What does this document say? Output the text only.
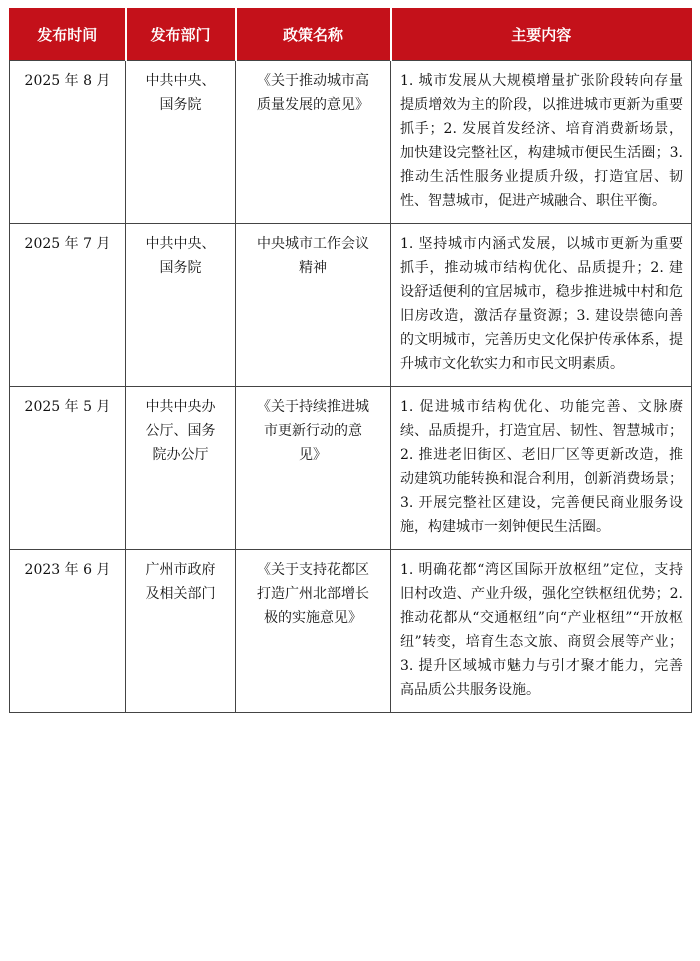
发布时间	发布部门	政策名称	主要内容
2025 年 8 月	中共中央、国务院	《关于推动城市高质量发展的意见》	1. 城市发展从大规模增量扩张阶段转向存量提质增效为主的阶段，以推进城市更新为重要抓手；2. 发展首发经济、培育消费新场景，加快建设完整社区，构建城市便民生活圈；3. 推动生活性服务业提质升级，打造宜居、韧性、智慧城市，促进产城融合、职住平衡。
2025 年 7 月	中共中央、国务院	中央城市工作会议精神	1. 坚持城市内涵式发展，以城市更新为重要抓手，推动城市结构优化、品质提升；2. 建设舒适便利的宜居城市，稳步推进城中村和危旧房改造，激活存量资源；3. 建设崇德向善的文明城市，完善历史文化保护传承体系，提升城市文化软实力和市民文明素质。
2025 年 5 月	中共中央办公厅、国务院办公厅	《关于持续推进城市更新行动的意见》	1. 促进城市结构优化、功能完善、文脉赓续、品质提升，打造宜居、韧性、智慧城市；2. 推进老旧街区、老旧厂区等更新改造，推动建筑功能转换和混合利用，创新消费场景；3. 开展完整社区建设，完善便民商业服务设施，构建城市一刻钟便民生活圈。
2023 年 6 月	广州市政府及相关部门	《关于支持花都区打造广州北部增长极的实施意见》	1. 明确花都“湾区国际开放枢纽”定位，支持旧村改造、产业升级，强化空铁枢纽优势；2. 推动花都从“交通枢纽”向“产业枢纽”“开放枢纽”转变，培育生态文旅、商贸会展等产业；3. 提升区域城市魅力与引才聚才能力，完善高品质公共服务设施。
